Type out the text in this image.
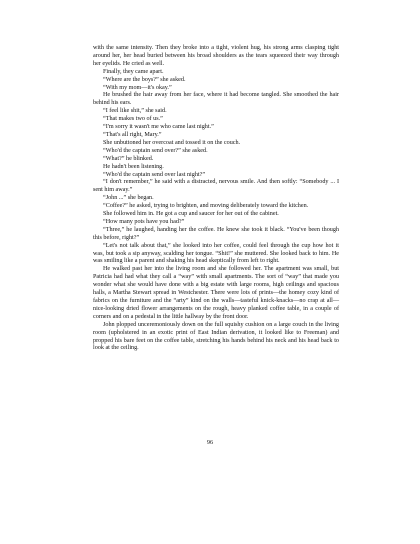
with the same intensity. Then they broke into a tight, violent hug, his strong arms clasping tight around her, her head buried between his broad shoulders as the tears squeezed their way through her eyelids. He cried as well.

Finally, they came apart.

“Where are the boys?” she asked.

“With my mom—it's okay.”

He brushed the hair away from her face, where it had become tangled. She smoothed the hair behind his ears.

“I feel like shit,” she said.

“That makes two of us.”

“I'm sorry it wasn't me who came last night.”

“That's all right, Mary.”

She unbuttoned her overcoat and tossed it on the couch.

“Who'd the captain send over?” she asked.

“What?” he blinked.

He hadn't been listening.

“Who'd the captain send over last night?”

“I don't remember,” he said with a distracted, nervous smile. And then softly: “Somebody ... I sent him away.”

“John ...” she began.

“Coffee?” he asked, trying to brighten, and moving deliberately toward the kitchen.

She followed him in. He got a cup and saucer for her out of the cabinet.

“How many pots have you had?”

“Three,” he laughed, handing her the coffee. He knew she took it black. “You've been though this before, right?”

“Let's not talk about that,” she looked into her coffee, could feel through the cup how hot it was, but took a sip anyway, scalding her tongue. “Shit!” she muttered. She looked back to him. He was smiling like a parent and shaking his head skeptically from left to right.

He walked past her into the living room and she followed her. The apartment was small, but Patricia had had what they call a “way” with small apartments. The sort of “way” that made you wonder what she would have done with a big estate with large rooms, high ceilings and spacious halls, a Martha Stewart spread in Westchester. There were lots of prints—the homey cozy kind of fabrics on the furniture and the “arty” kind on the walls—tasteful knick-knacks—no crap at all—nice-looking dried flower arrangements on the rough, heavy planked coffee table, in a couple of corners and on a pedestal in the little hallway by the front door.

John plopped unceremoniously down on the full squishy cushion on a large couch in the living room (upholstered in an exotic print of East Indian derivation, it looked like to Freeman) and propped his bare feet on the coffee table, stretching his hands behind his neck and his head back to look at the ceiling.

96
